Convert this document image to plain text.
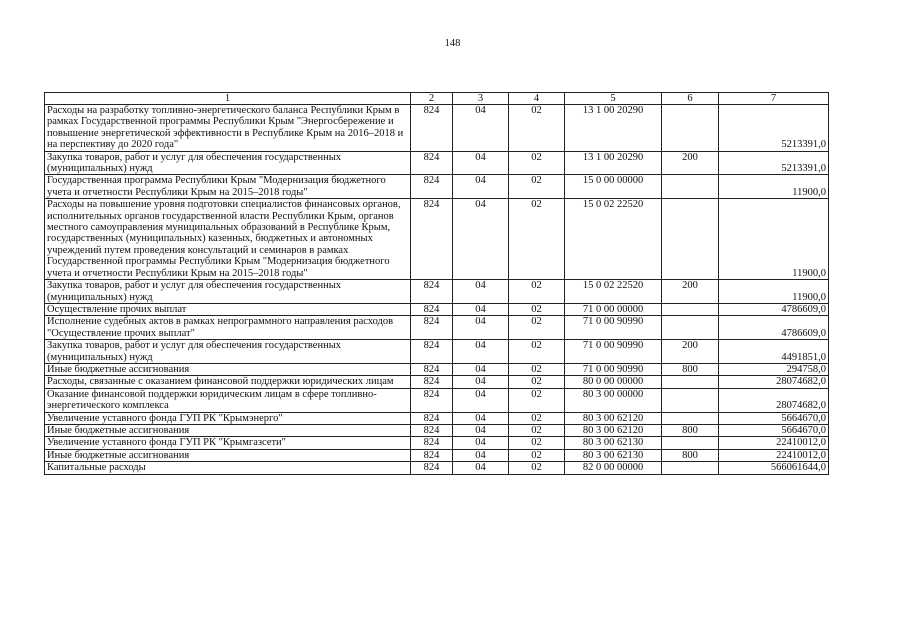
148
1	2	3	4	5	6	7
Расходы на разработку топливно-энергетического баланса Республики Крым в рамках Государственной программы Республики Крым "Энергосбережение и повышение энергетической эффективности в Республике Крым на 2016–2018 и на перспективу до 2020 года"	824	04	02	13 1 00 20290		5213391,0
Закупка товаров, работ и услуг для обеспечения государственных (муниципальных) нужд	824	04	02	13 1 00 20290	200	5213391,0
Государственная программа Республики Крым "Модернизация бюджетного учета и отчетности Республики Крым на 2015–2018 годы"	824	04	02	15 0 00 00000		11900,0
Расходы на повышение уровня подготовки специалистов финансовых органов, исполнительных органов государственной власти Республики Крым, органов местного самоуправления муниципальных образований в Республике Крым, государственных (муниципальных) казенных, бюджетных и автономных учреждений путем проведения консультаций и семинаров в рамках Государственной программы Республики Крым "Модернизация бюджетного учета и отчетности Республики Крым на 2015–2018 годы"	824	04	02	15 0 02 22520		11900,0
Закупка товаров, работ и услуг для обеспечения государственных (муниципальных) нужд	824	04	02	15 0 02 22520	200	11900,0
Осуществление прочих выплат	824	04	02	71 0 00 00000		4786609,0
Исполнение судебных актов в рамках непрограммного направления расходов "Осуществление прочих выплат"	824	04	02	71 0 00 90990		4786609,0
Закупка товаров, работ и услуг для обеспечения государственных (муниципальных) нужд	824	04	02	71 0 00 90990	200	4491851,0
Иные бюджетные ассигнования	824	04	02	71 0 00 90990	800	294758,0
Расходы, связанные с оказанием финансовой поддержки юридических лицам	824	04	02	80 0 00 00000		28074682,0
Оказание финансовой поддержки юридическим лицам в сфере топливно-энергетического комплекса	824	04	02	80 3 00 00000		28074682,0
Увеличение уставного фонда ГУП РК "Крымэнерго"	824	04	02	80 3 00 62120		5664670,0
Иные бюджетные ассигнования	824	04	02	80 3 00 62120	800	5664670,0
Увеличение уставного фонда ГУП РК "Крымгазсети"	824	04	02	80 3 00 62130		22410012,0
Иные бюджетные ассигнования	824	04	02	80 3 00 62130	800	22410012,0
Капитальные расходы	824	04	02	82 0 00 00000		566061644,0
